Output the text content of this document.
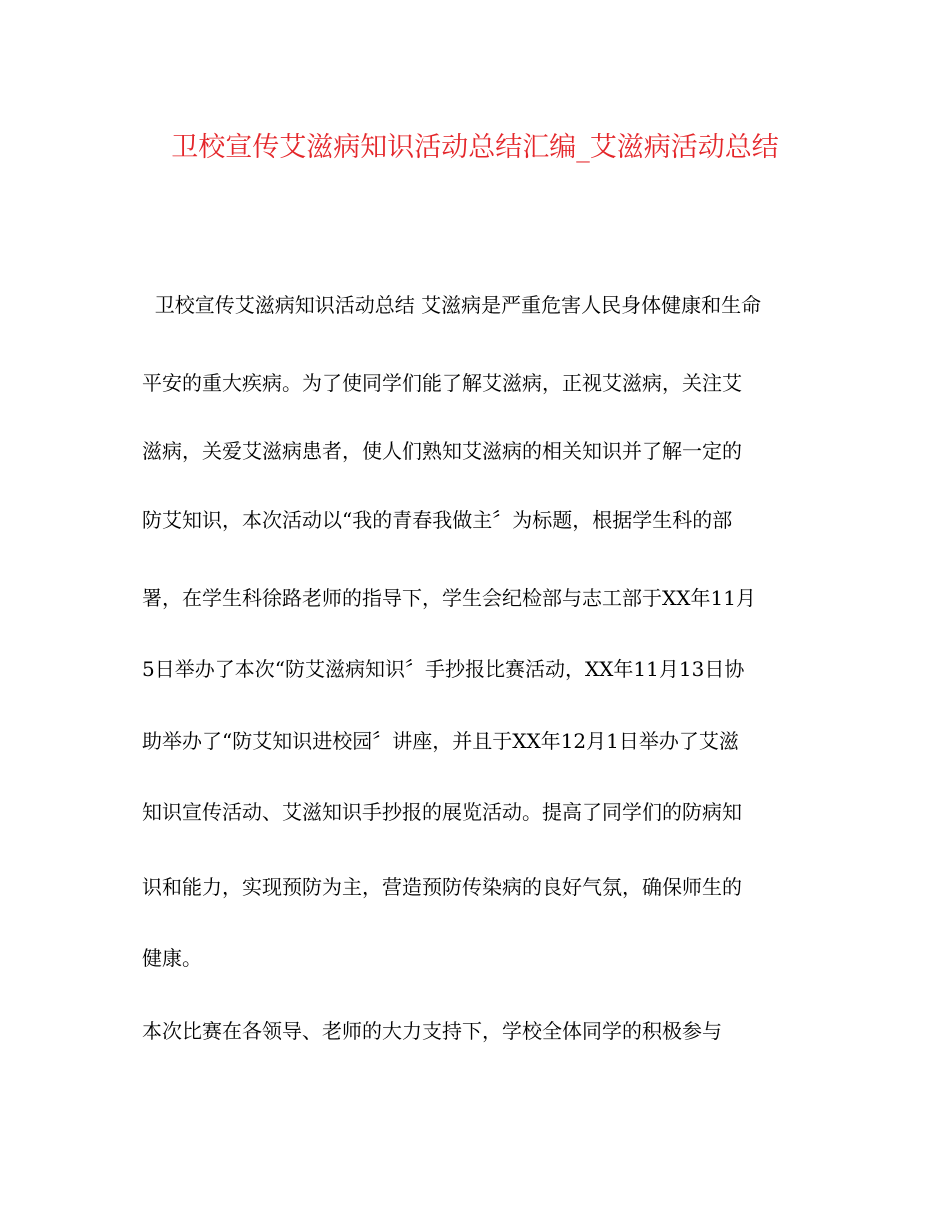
卫校宣传艾滋病知识活动总结汇编_艾滋病活动总结
卫校宣传艾滋病知识活动总结 艾滋病是严重危害人民身体健康和生命
平安的重大疾病。为了使同学们能了解艾滋病，正视艾滋病，关注艾
滋病，关爱艾滋病患者，使人们熟知艾滋病的相关知识并了解一定的
防艾知识，本次活动以“我的青春我做主〞为标题，根据学生科的部
署，在学生科徐路老师的指导下，学生会纪检部与志工部于XX年11月
5日举办了本次“防艾滋病知识〞手抄报比赛活动，XX年11月13日协
助举办了“防艾知识进校园〞讲座，并且于XX年12月1日举办了艾滋
知识宣传活动、艾滋知识手抄报的展览活动。提高了同学们的防病知
识和能力，实现预防为主，营造预防传染病的良好气氛，确保师生的
健康。
本次比赛在各领导、老师的大力支持下，学校全体同学的积极参与
